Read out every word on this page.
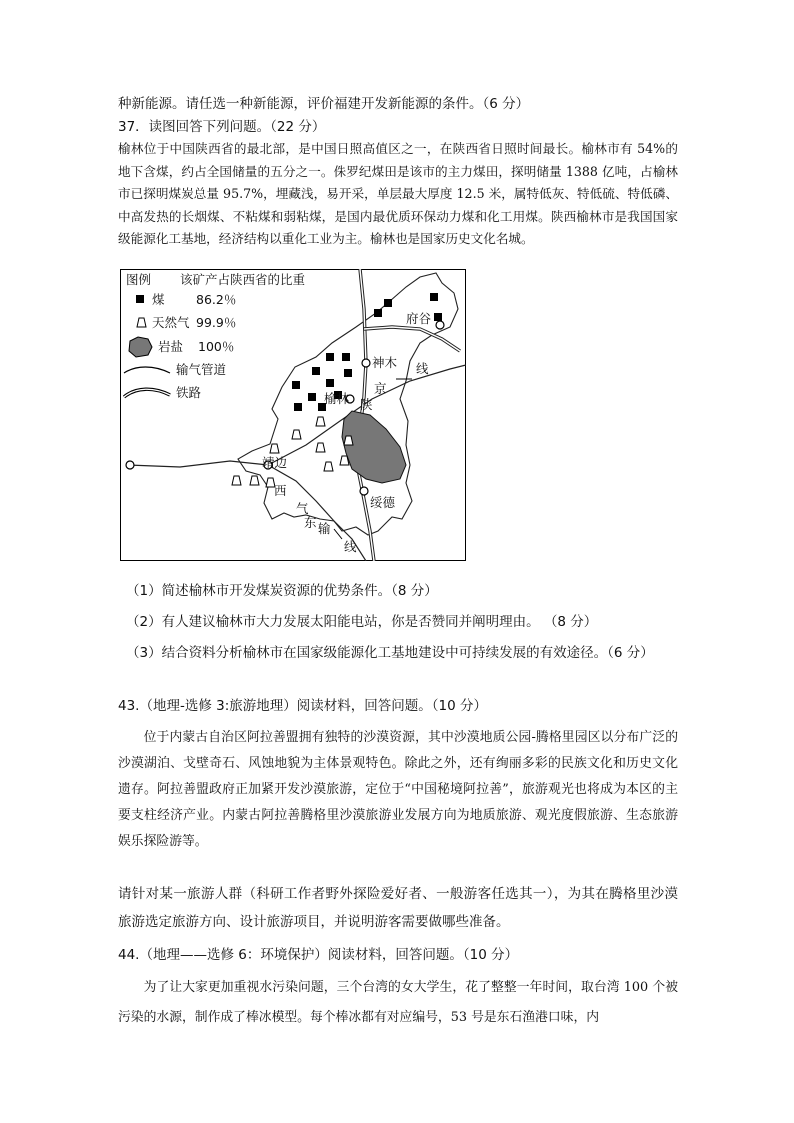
种新能源。请任选一种新能源，评价福建开发新能源的条件。（6 分）
37．读图回答下列问题。（22 分）
榆林位于中国陕西省的最北部，是中国日照高值区之一，在陕西省日照时间最长。榆林市有 54%的地下含煤，约占全国储量的五分之一。侏罗纪煤田是该市的主力煤田，探明储量 1388 亿吨，占榆林市已探明煤炭总量 95.7%，埋藏浅，易开采，单层最大厚度 12.5 米，属特低灰、特低硫、特低磷、中高发热的长烟煤、不粘煤和弱粘煤，是国内最优质环保动力煤和化工用煤。陕西榆林市是我国国家级能源化工基地，经济结构以重化工业为主。榆林也是国家历史文化名城。
图例 该矿产占陕西省的比重
煤	86.2％
天然气 99.9％
岩盐 100％
输气管道
铁路
府谷
神木
榆林
靖边
绥德
线
京
陕
西
气
东 输
线
（1）简述榆林市开发煤炭资源的优势条件。（8 分）
（2）有人建议榆林市大力发展太阳能电站，你是否赞同并阐明理由。 （8 分）
（3）结合资料分析榆林市在国家级能源化工基地建设中可持续发展的有效途径。（6 分）
43.（地理-选修 3:旅游地理）阅读材料，回答问题。（10 分）
位于内蒙古自治区阿拉善盟拥有独特的沙漠资源，其中沙漠地质公园-腾格里园区以分布广泛的沙漠湖泊、戈壁奇石、风蚀地貌为主体景观特色。除此之外，还有绚丽多彩的民族文化和历史文化遗存。阿拉善盟政府正加紧开发沙漠旅游，定位于“中国秘境阿拉善”，旅游观光也将成为本区的主要支柱经济产业。内蒙古阿拉善腾格里沙漠旅游业发展方向为地质旅游、观光度假旅游、生态旅游娱乐探险游等。
请针对某一旅游人群（科研工作者野外探险爱好者、一般游客任选其一），为其在腾格里沙漠旅游选定旅游方向、设计旅游项目，并说明游客需要做哪些准备。
44.（地理——选修 6：环境保护）阅读材料，回答问题。（10 分）
为了让大家更加重视水污染问题，三个台湾的女大学生，花了整整一年时间，取台湾 100 个被污染的水源，制作成了棒冰模型。每个棒冰都有对应编号，53 号是东石渔港口味，内
